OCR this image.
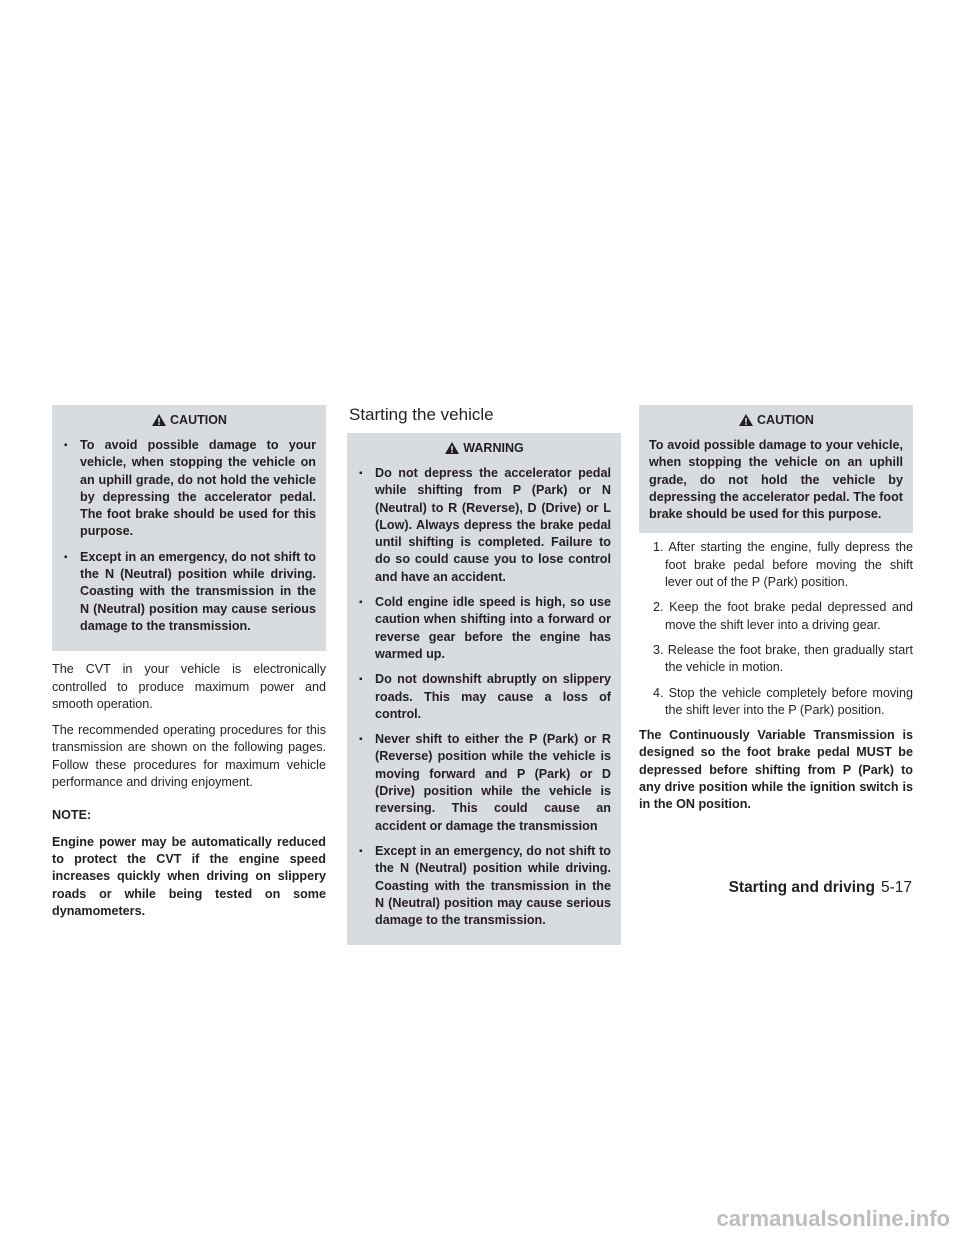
CAUTION
▪ To avoid possible damage to your vehicle, when stopping the vehicle on an uphill grade, do not hold the vehicle by depressing the accelerator pedal. The foot brake should be used for this purpose.
▪ Except in an emergency, do not shift to the N (Neutral) position while driving. Coasting with the transmission in the N (Neutral) position may cause serious damage to the transmission.

The CVT in your vehicle is electronically controlled to produce maximum power and smooth operation.

The recommended operating procedures for this transmission are shown on the following pages. Follow these procedures for maximum vehicle performance and driving enjoyment.

NOTE:

Engine power may be automatically reduced to protect the CVT if the engine speed increases quickly when driving on slippery roads or while being tested on some dynamometers.

Starting the vehicle
WARNING
▪ Do not depress the accelerator pedal while shifting from P (Park) or N (Neutral) to R (Reverse), D (Drive) or L (Low). Always depress the brake pedal until shifting is completed. Failure to do so could cause you to lose control and have an accident.
▪ Cold engine idle speed is high, so use caution when shifting into a forward or reverse gear before the engine has warmed up.
▪ Do not downshift abruptly on slippery roads. This may cause a loss of control.
▪ Never shift to either the P (Park) or R (Reverse) position while the vehicle is moving forward and P (Park) or D (Drive) position while the vehicle is reversing. This could cause an accident or damage the transmission
▪ Except in an emergency, do not shift to the N (Neutral) position while driving. Coasting with the transmission in the N (Neutral) position may cause serious damage to the transmission.
CAUTION

To avoid possible damage to your vehicle, when stopping the vehicle on an uphill grade, do not hold the vehicle by depressing the accelerator pedal. The foot brake should be used for this purpose.

1. After starting the engine, fully depress the foot brake pedal before moving the shift lever out of the P (Park) position.
2. Keep the foot brake pedal depressed and move the shift lever into a driving gear.
3. Release the foot brake, then gradually start the vehicle in motion.
4. Stop the vehicle completely before moving the shift lever into the P (Park) position.

The Continuously Variable Transmission is designed so the foot brake pedal MUST be depressed before shifting from P (Park) to any drive position while the ignition switch is in the ON position.

Starting and driving 5-17
carmanualsonline.info
